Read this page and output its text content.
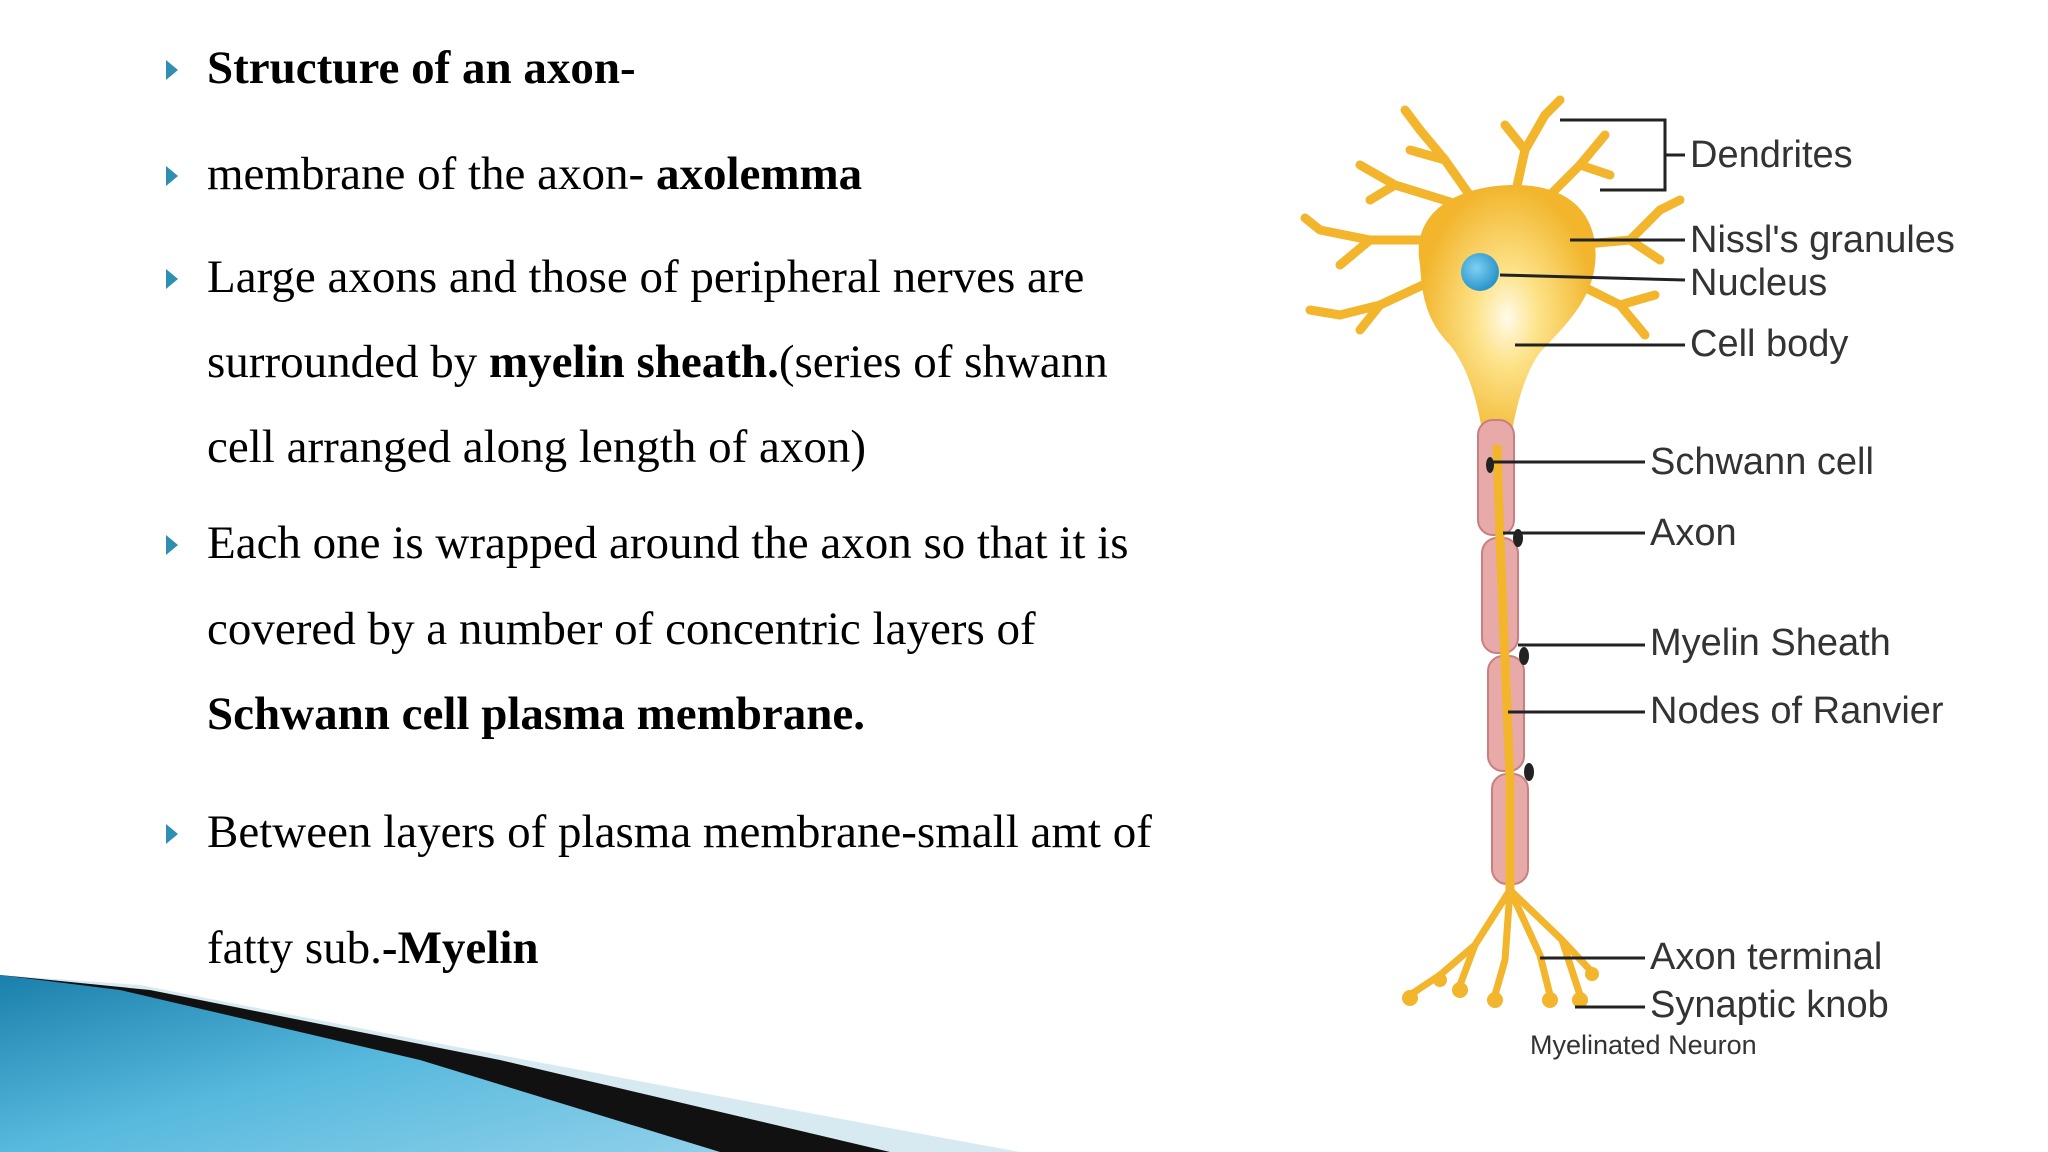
Structure of an axon-
membrane of the axon- axolemma
Large axons and those of peripheral nerves are
surrounded by myelin sheath.(series of shwann
cell arranged along length of axon)
Each one is wrapped around the axon so that it is
covered by a number of concentric layers of
Schwann cell plasma membrane.
Between layers of plasma membrane-small amt of
fatty sub.-Myelin
Dendrites
Nissl's granules
Nucleus
Cell body
Schwann cell
Axon
Myelin Sheath
Nodes of Ranvier
Axon terminal
Synaptic knob
Myelinated Neuron
